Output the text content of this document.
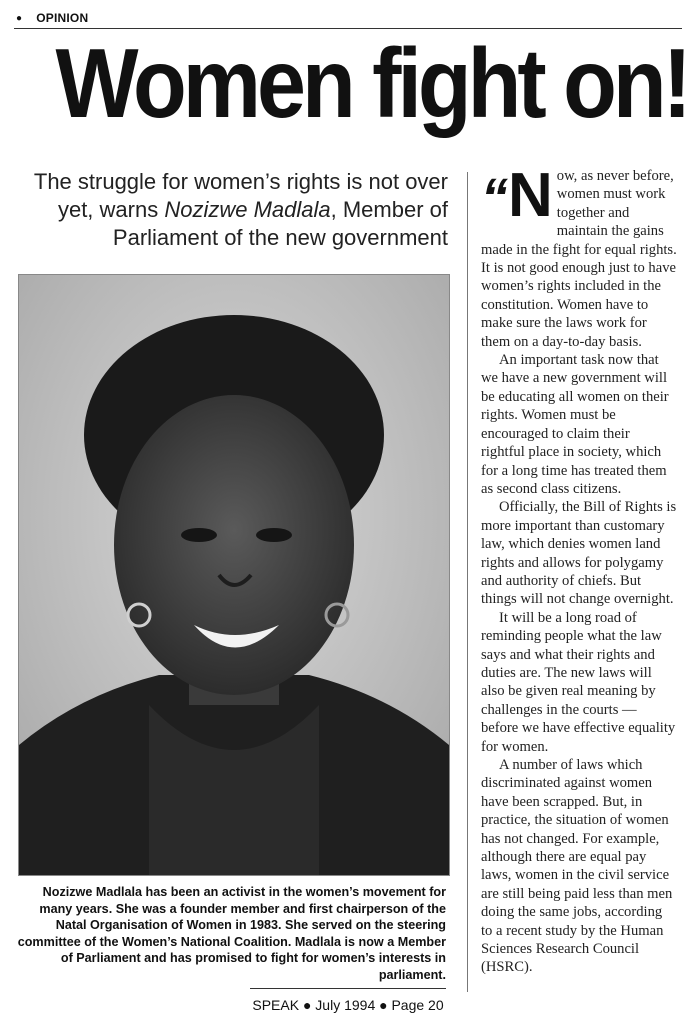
● OPINION
Women fight on!
The struggle for women’s rights is not over yet, warns Nozizwe Madlala, Member of Parliament of the new government
Nozizwe Madlala has been an activist in the women’s movement for many years. She was a founder member and first chairperson of the Natal Organisation of Women in 1983. She served on the steering committee of the Women’s National Coalition. Madlala is now a Member of Parliament and has promised to fight for women’s interests in parliament.

“N ow, as never before, women must work together and maintain the gains made in the fight for equal rights. It is not good enough just to have women’s rights included in the constitution. Women have to make sure the laws work for them on a day-to-day basis.

An important task now that we have a new government will be educating all women on their rights. Women must be encouraged to claim their rightful place in society, which for a long time has treated them as second class citizens.

Officially, the Bill of Rights is more important than customary law, which denies women land rights and allows for polygamy and authority of chiefs. But things will not change overnight.

It will be a long road of reminding people what the law says and what their rights and duties are. The new laws will also be given real meaning by challenges in the courts — before we have effective equality for women.

A number of laws which discriminated against women have been scrapped. But, in practice, the situation of women has not changed. For example, although there are equal pay laws, women in the civil service are still being paid less than men doing the same jobs, according to a recent study by the Human Sciences Research Council (HSRC).

SPEAK ● July 1994 ● Page 20
